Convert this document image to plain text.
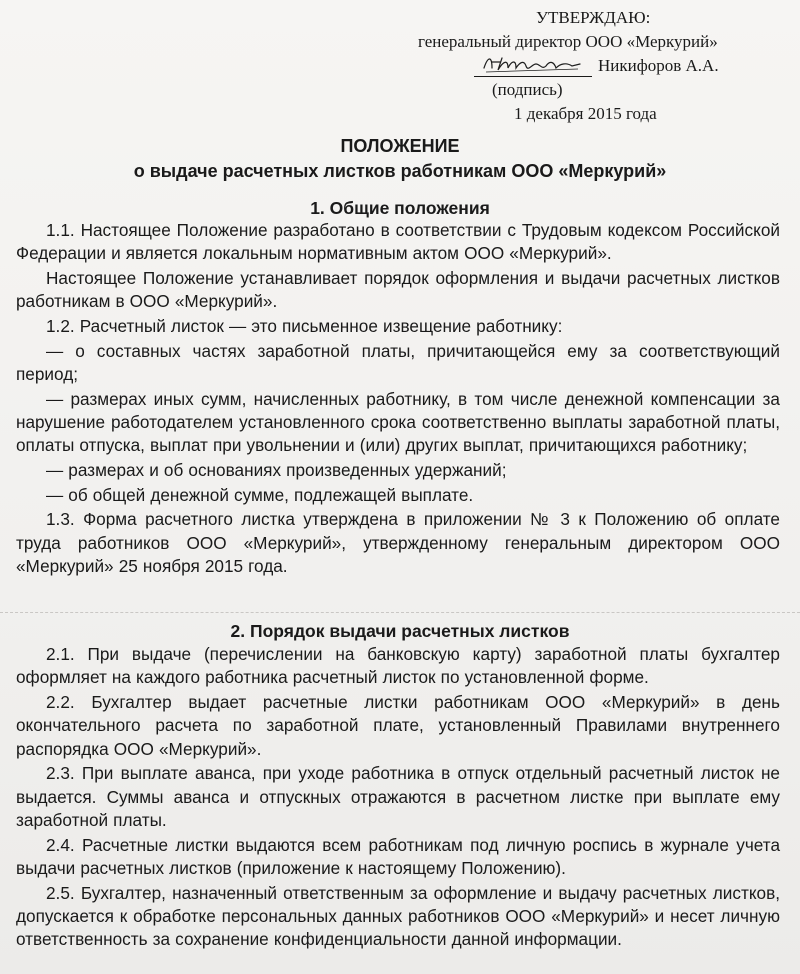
УТВЕРЖДАЮ:
генеральный директор ООО «Меркурий»
Никифоров А.А.
(подпись)
1 декабря 2015 года
ПОЛОЖЕНИЕ
о выдаче расчетных листков работникам ООО «Меркурий»
1. Общие положения

1.1. Настоящее Положение разработано в соответствии с Трудовым кодексом Российской Федерации и является локальным нормативным актом ООО «Меркурий».

Настоящее Положение устанавливает порядок оформления и выдачи расчетных листков работникам в ООО «Меркурий».

1.2. Расчетный листок — это письменное извещение работнику:

— о составных частях заработной платы, причитающейся ему за соответствующий период;

— размерах иных сумм, начисленных работнику, в том числе денежной компенсации за нарушение работодателем установленного срока соответственно выплаты заработной платы, оплаты отпуска, выплат при увольнении и (или) других выплат, причитающихся работнику;

— размерах и об основаниях произведенных удержаний;

— об общей денежной сумме, подлежащей выплате.

1.3. Форма расчетного листка утверждена в приложении № 3 к Положению об оплате труда работников ООО «Меркурий», утвержденному генеральным директором ООО «Меркурий» 25 ноября 2015 года.

2. Порядок выдачи расчетных листков

2.1. При выдаче (перечислении на банковскую карту) заработной платы бухгалтер оформляет на каждого работника расчетный листок по установленной форме.

2.2. Бухгалтер выдает расчетные листки работникам ООО «Меркурий» в день окончательного расчета по заработной плате, установленный Правилами внутреннего распорядка ООО «Меркурий».

2.3. При выплате аванса, при уходе работника в отпуск отдельный расчетный листок не выдается. Суммы аванса и отпускных отражаются в расчетном листке при выплате ему заработной платы.

2.4. Расчетные листки выдаются всем работникам под личную роспись в журнале учета выдачи расчетных листков (приложение к настоящему Положению).

2.5. Бухгалтер, назначенный ответственным за оформление и выдачу расчетных листков, допускается к обработке персональных данных работников ООО «Меркурий» и несет личную ответственность за сохранение конфиденциальности данной информации.
